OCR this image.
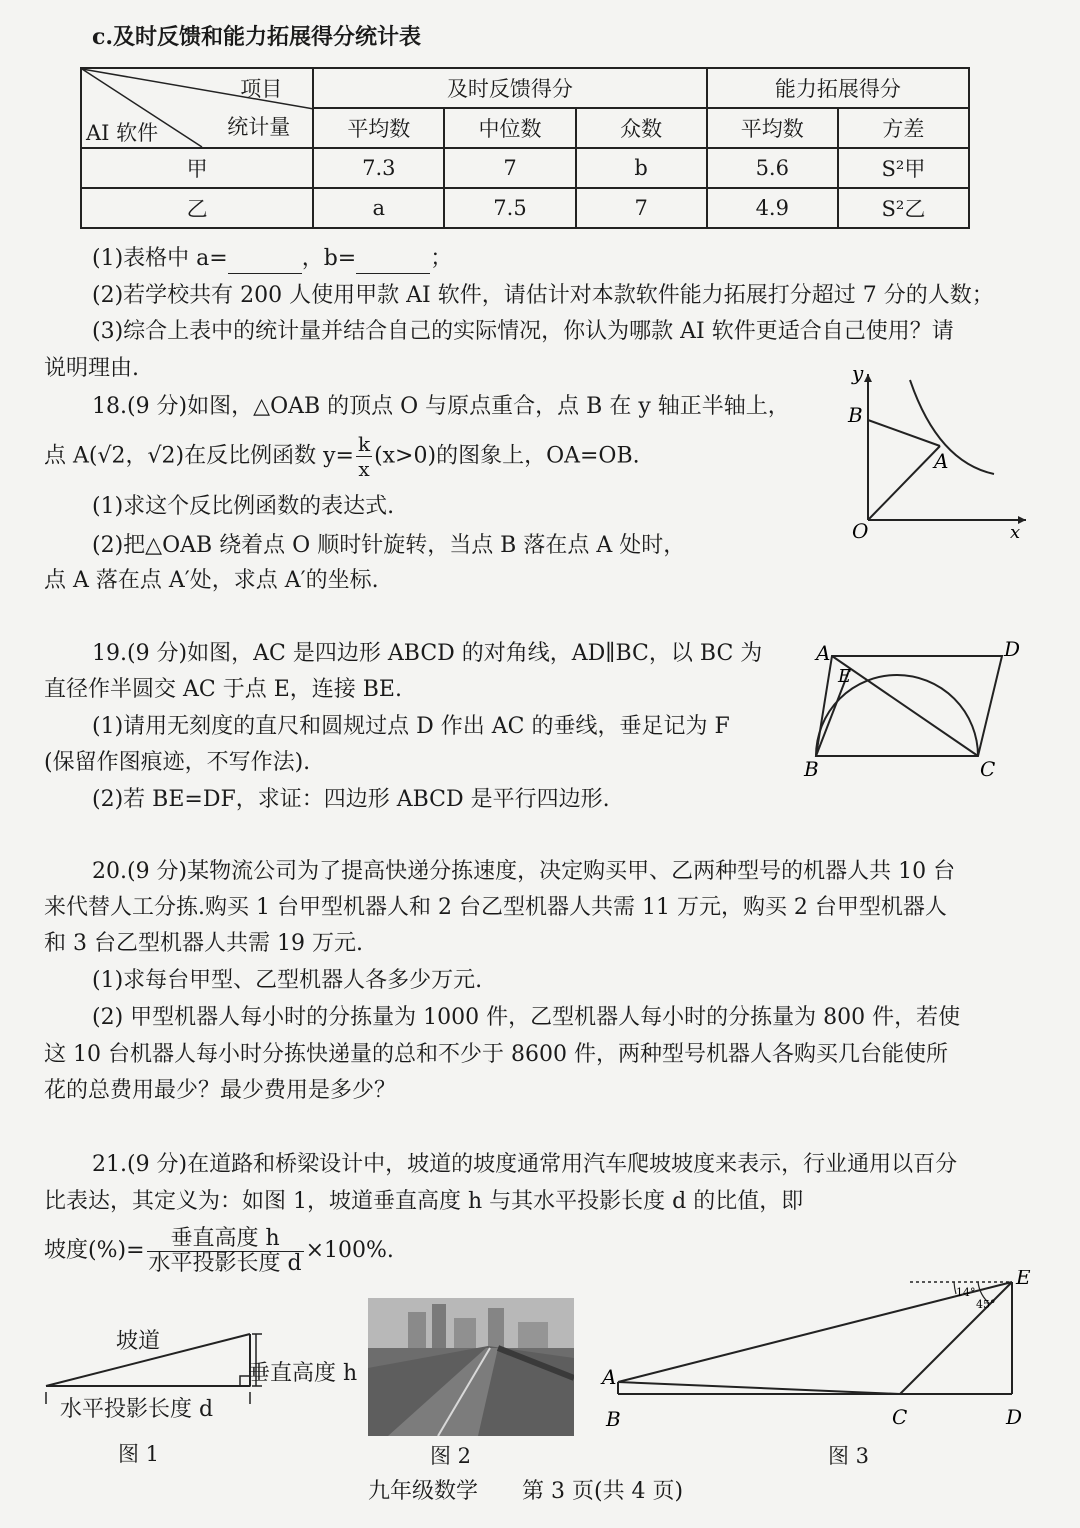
c.及时反馈和能力拓展得分统计表
项目
统计量
AI 软件	及时反馈得分			能力拓展得分	
	平均数	中位数	众数	平均数	方差
甲	7.3	7	b	5.6	S²甲
乙	a	7.5	7	4.9	S²乙
(1)表格中 a=	，b=	；
(2)若学校共有 200 人使用甲款 AI 软件，请估计对本款软件能力拓展打分超过 7 分的人数；
(3)综合上表中的统计量并结合自己的实际情况，你认为哪款 AI 软件更适合自己使用？请
说明理由.
18.(9 分)如图，△OAB 的顶点 O 与原点重合，点 B 在 y 轴正半轴上，
点 A(√2，√2)在反比例函数 $y= \frac{k}{x} (x>0)$的图象上，OA=OB.
(1)求这个反比例函数的表达式.
(2)把△OAB 绕着点 O 顺时针旋转，当点 B 落在点 A 处时，
点 A 落在点 A′处，求点 A′的坐标.
y
x
B
A
O
19.(9 分)如图，AC 是四边形 ABCD 的对角线，AD∥BC，以 BC 为
直径作半圆交 AC 于点 E，连接 BE.
(1)请用无刻度的直尺和圆规过点 D 作出 AC 的垂线，垂足记为 F
(保留作图痕迹，不写作法).
(2)若 BE=DF，求证：四边形 ABCD 是平行四边形.
A	D
E
B	C
20.(9 分)某物流公司为了提高快递分拣速度，决定购买甲、乙两种型号的机器人共 10 台
来代替人工分拣.购买 1 台甲型机器人和 2 台乙型机器人共需 11 万元，购买 2 台甲型机器人
和 3 台乙型机器人共需 19 万元.
(1)求每台甲型、乙型机器人各多少万元.
(2) 甲型机器人每小时的分拣量为 1000 件，乙型机器人每小时的分拣量为 800 件，若使
这 10 台机器人每小时分拣快递量的总和不少于 8600 件，两种型号机器人各购买几台能使所
花的总费用最少？最少费用是多少？
21.(9 分)在道路和桥梁设计中，坡道的坡度通常用汽车爬坡坡度来表示，行业通用以百分
比表达，其定义为：如图 1，坡道垂直高度 h 与其水平投影长度 d 的比值，即
坡度(%)= $\frac{\text{垂直高度 h}}{\text{水平投影长度 d}} \times 100\%$.
坡道
垂直高度 h
水平投影长度 d
图 1	图 2
14°
45°
E
A
B	C	D
图 3
九年级数学　　第 3 页(共 4 页)
